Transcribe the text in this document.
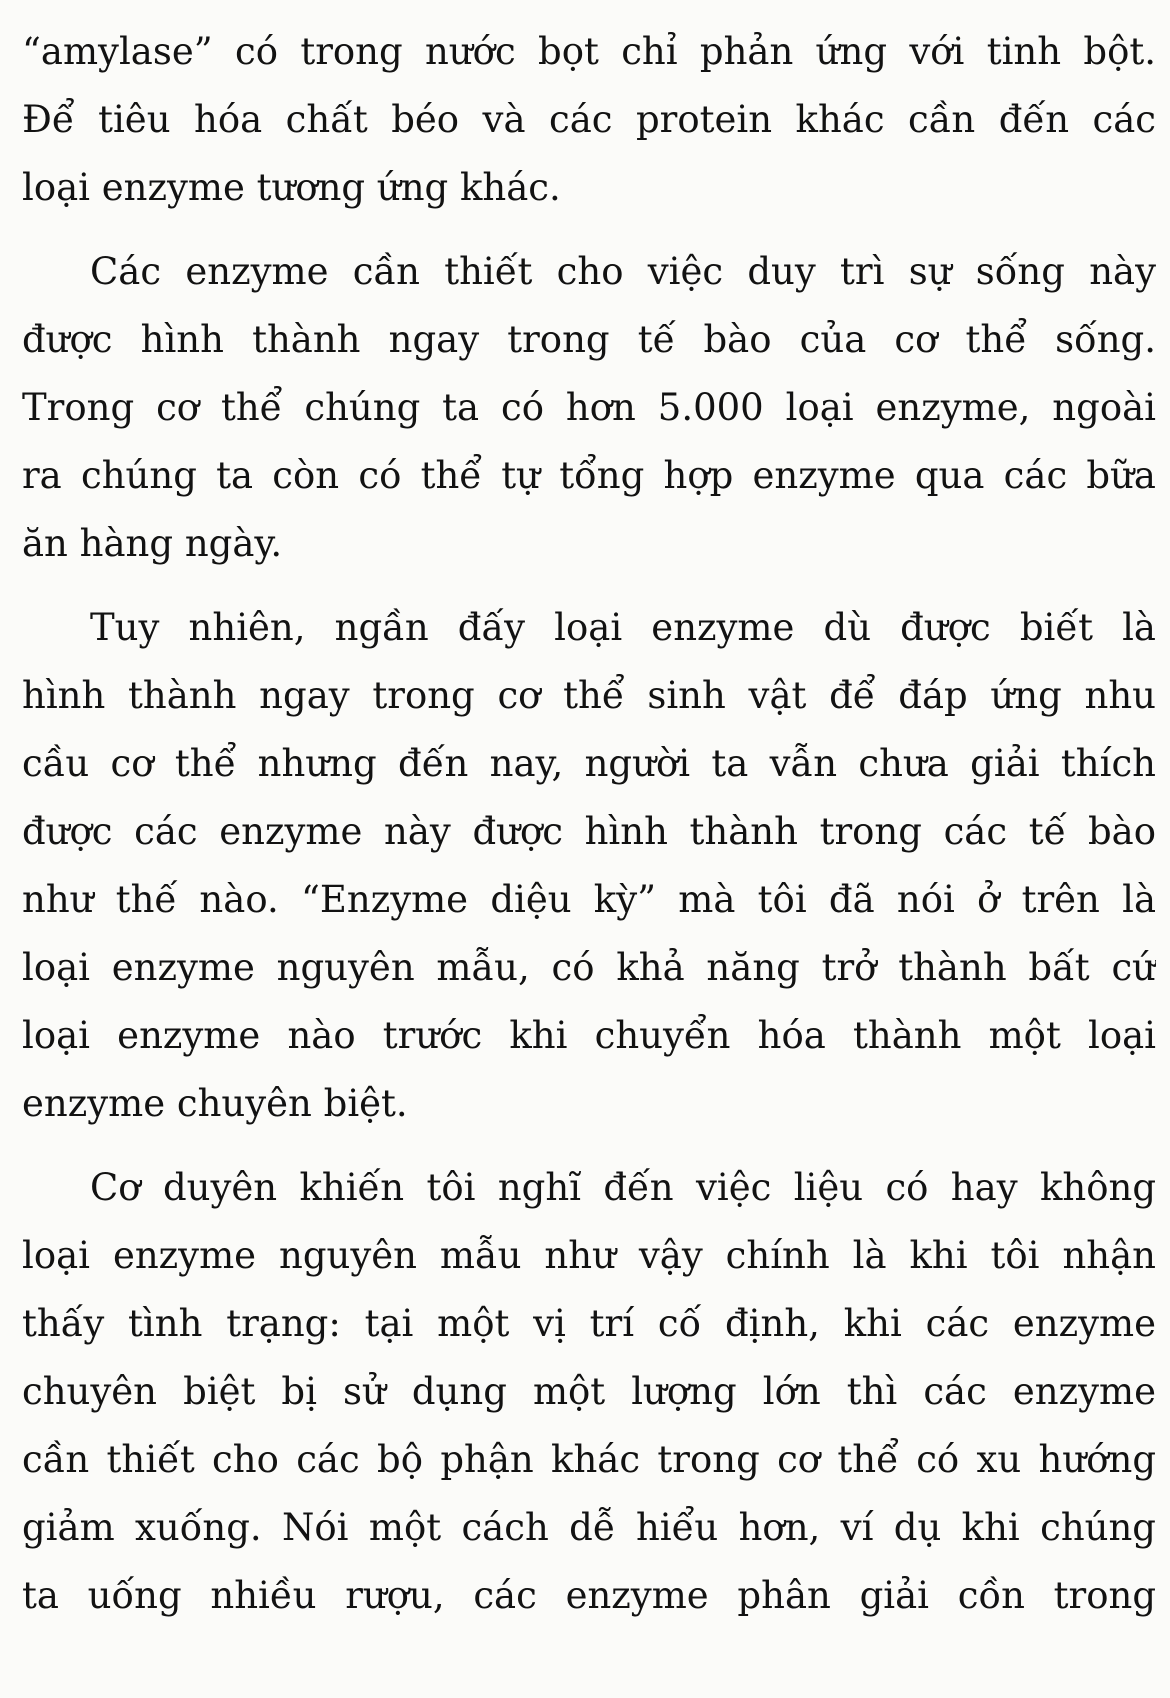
“amylase” có trong nước bọt chỉ phản ứng với tinh bột.
Để tiêu hóa chất béo và các protein khác cần đến các
loại enzyme tương ứng khác.
Các enzyme cần thiết cho việc duy trì sự sống này
được hình thành ngay trong tế bào của cơ thể sống.
Trong cơ thể chúng ta có hơn 5.000 loại enzyme, ngoài
ra chúng ta còn có thể tự tổng hợp enzyme qua các bữa
ăn hàng ngày.
Tuy nhiên, ngần đấy loại enzyme dù được biết là
hình thành ngay trong cơ thể sinh vật để đáp ứng nhu
cầu cơ thể nhưng đến nay, người ta vẫn chưa giải thích
được các enzyme này được hình thành trong các tế bào
như thế nào. “Enzyme diệu kỳ” mà tôi đã nói ở trên là
loại enzyme nguyên mẫu, có khả năng trở thành bất cứ
loại enzyme nào trước khi chuyển hóa thành một loại
enzyme chuyên biệt.
Cơ duyên khiến tôi nghĩ đến việc liệu có hay không
loại enzyme nguyên mẫu như vậy chính là khi tôi nhận
thấy tình trạng: tại một vị trí cố định, khi các enzyme
chuyên biệt bị sử dụng một lượng lớn thì các enzyme
cần thiết cho các bộ phận khác trong cơ thể có xu hướng
giảm xuống. Nói một cách dễ hiểu hơn, ví dụ khi chúng
ta uống nhiều rượu, các enzyme phân giải cồn trong
